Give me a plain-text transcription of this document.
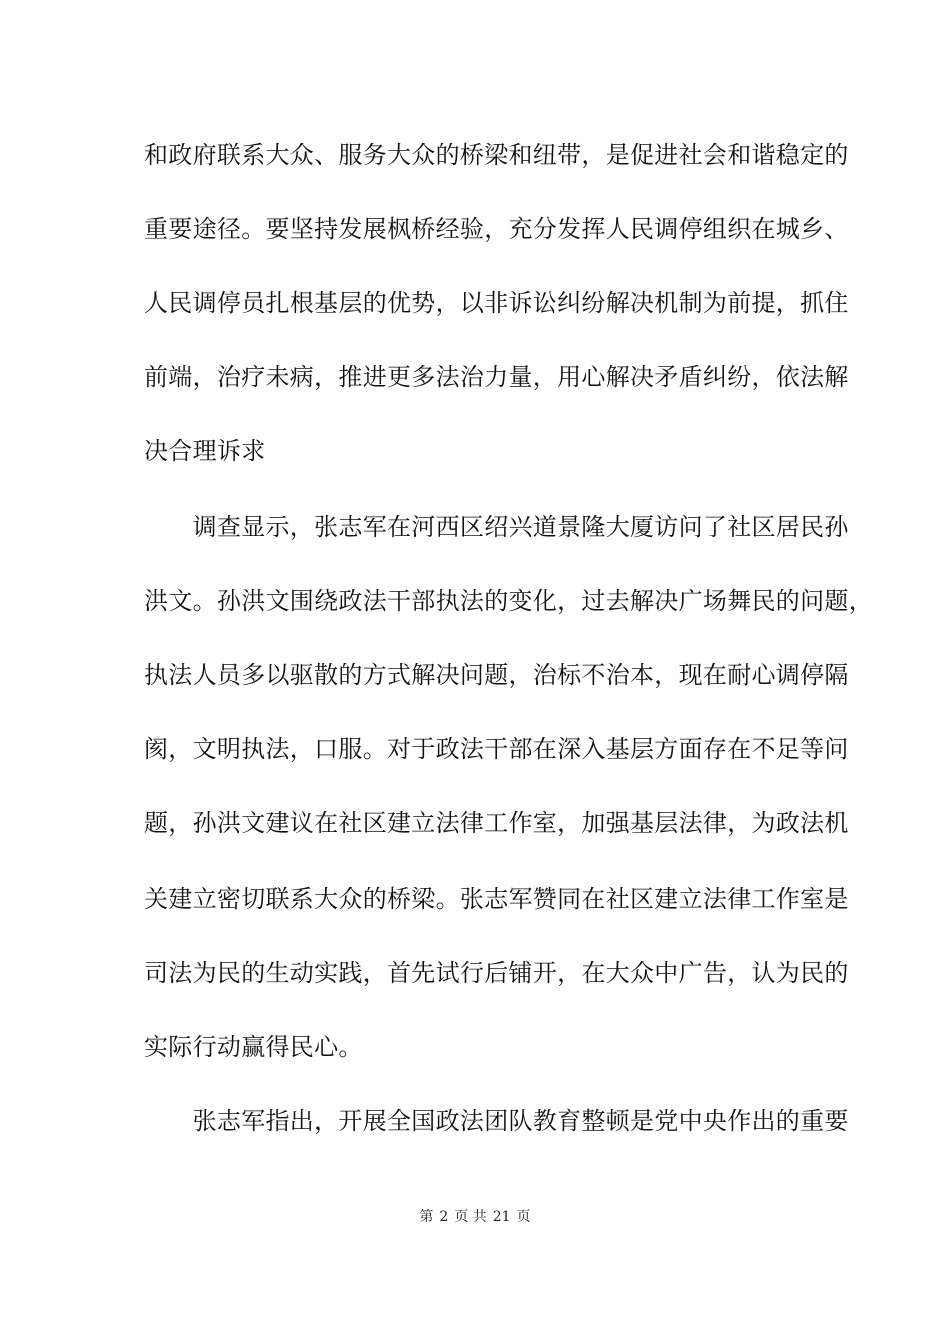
和政府联系大众、服务大众的桥梁和纽带，是促进社会和谐稳定的
重要途径。要坚持发展枫桥经验，充分发挥人民调停组织在城乡、
人民调停员扎根基层的优势，以非诉讼纠纷解决机制为前提，抓住
前端，治疗未病，推进更多法治力量，用心解决矛盾纠纷，依法解
决合理诉求
　　调查显示，张志军在河西区绍兴道景隆大厦访问了社区居民孙
洪文。孙洪文围绕政法干部执法的变化，过去解决广场舞民的问题，
执法人员多以驱散的方式解决问题，治标不治本，现在耐心调停隔
阂，文明执法，口服。对于政法干部在深入基层方面存在不足等问
题，孙洪文建议在社区建立法律工作室，加强基层法律，为政法机
关建立密切联系大众的桥梁。张志军赞同在社区建立法律工作室是
司法为民的生动实践，首先试行后铺开，在大众中广告，认为民的
实际行动赢得民心。
　　张志军指出，开展全国政法团队教育整顿是党中央作出的重要
第 2 页 共 21 页
